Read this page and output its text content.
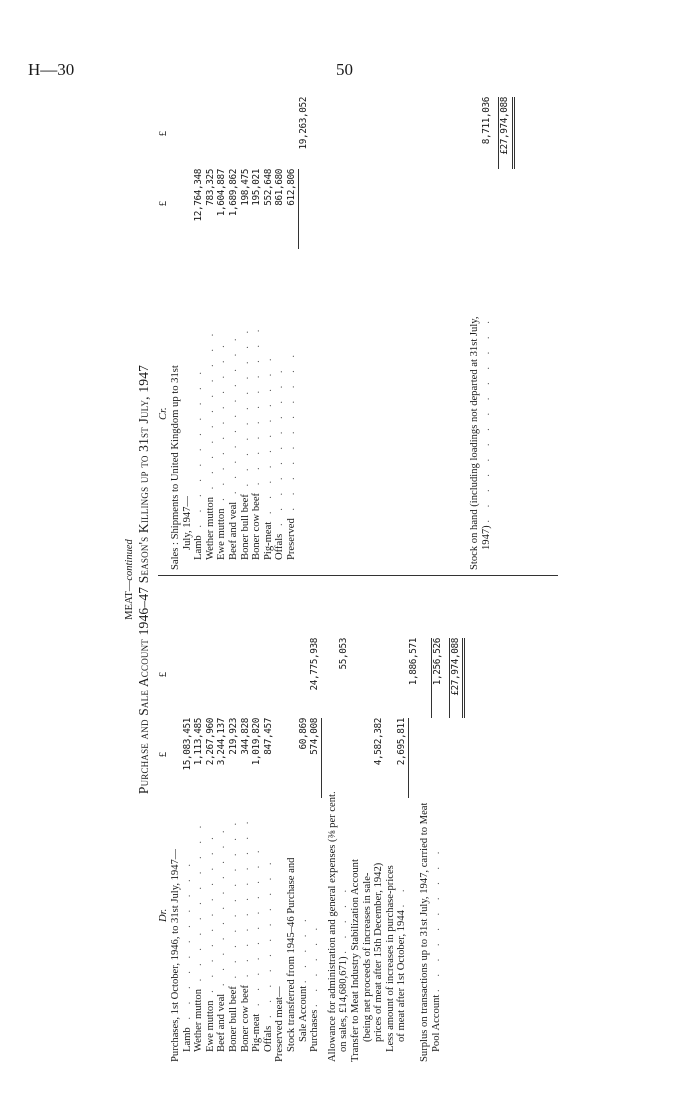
H—30	50
MEAT—continued Purchase and Sale Account 1946–47 Season's Killings up to 31st July, 1947
Dr.
£
£
Purchases, 1st October, 1946, to 31st July, 1947— Lamb . . . . . . . . . . .
15,083,451
Wether mutton . . . . . . . . . . .
1,113,485
Ewe mutton . . . . . . . . . . .
2,267,960
Beef and veal . . . . . . . . . . .
3,244,137
Boner bull beef . . . . . . . . . . .
219,923
Boner cow beef . . . . . . . . . . .
344,828
Pig-meat . . . . . . . . . . .
1,019,820
Offals . . . . . . . . . . .
847,457
Preserved meat— Stock transferred from 1945–46 Purchase and Sale Account . . . . .
60,869
Purchases . . . . . .
574,008
24,775,938
Allowance for administration and general expenses (⅜ per cent. on sales, £14,680,671) . . . . .
55,053
Transfer to Meat Industry Stabilization Account (being net proceeds of increases in sale- prices of meat after 15th December, 1942)
4,582,382
Less amount of increases in purchase-prices of meat after 1st October, 1944 . .
2,695,811
1,886,571
Surplus on transactions up to 31st July, 1947, carried to Meat Pool Account . . . . . . . . . .
1,256,526 £27,974,088
Cr.
£
£
Sales : Shipments to United Kingdom up to 31st July, 1947— Lamb . . . . . . . . . . .
12,764,348
Wether mutton . . . . . . . . . . .
783,325
Ewe mutton . . . . . . . . . . .
1,604,887
Beef and veal . . . . . . . . . . .
1,689,862
Boner bull beef . . . . . . . . . . .
198,475
Boner cow beef . . . . . . . . . . .
195,021
Pig-meat . . . . . . . . . . .
552,648
Offals . . . . . . . . . . .
861,680
Preserved . . . . . . . . . . .
612,806
19,263,052
Stock on hand (including loadings not departed at 31st July, 1947) . . . . . . . . . . . . . .
8,711,036 £27,974,088
